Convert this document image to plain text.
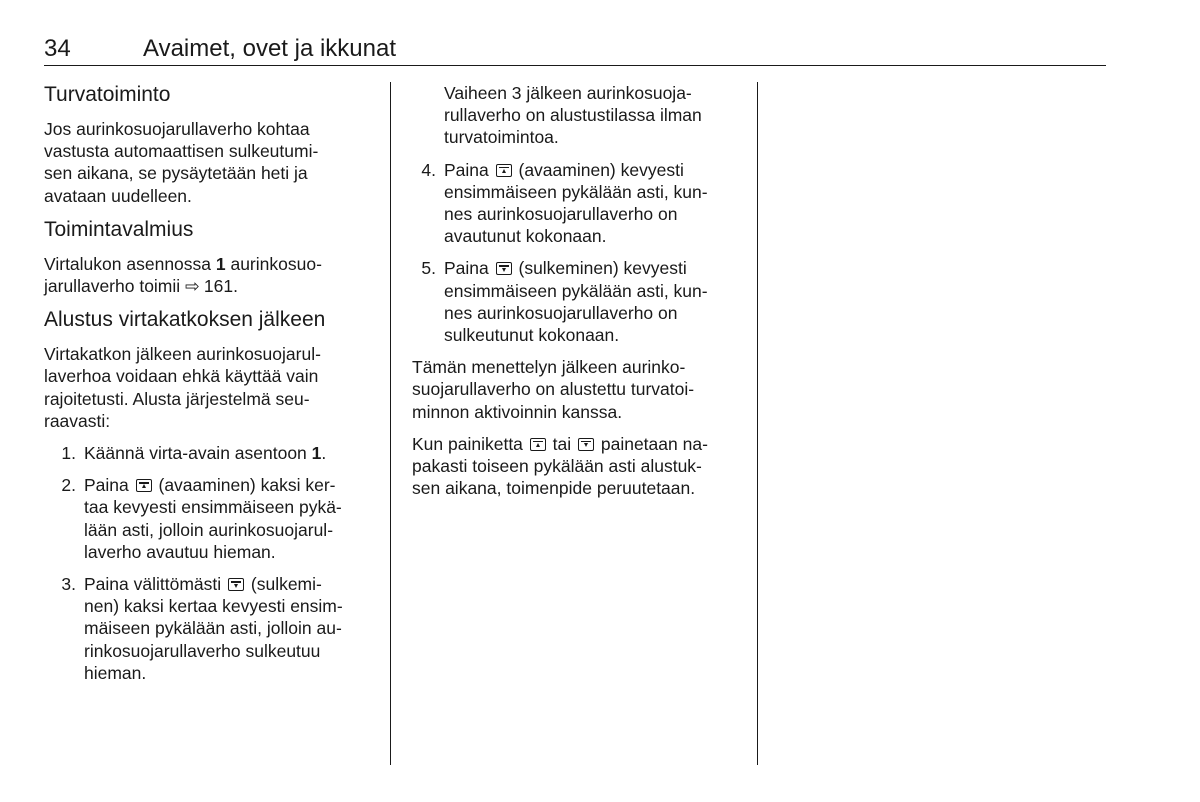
34	Avaimet, ovet ja ikkunat
Turvatoiminto

Jos aurinkosuojarullaverho kohtaa
vastusta automaattisen sulkeutumi-
sen aikana, se pysäytetään heti ja
avataan uudelleen.

Toimintavalmius

Virtalukon asennossa 1 aurinkosuo-
jarullaverho toimii ⇨ 161.

Alustus virtakatkoksen jälkeen

Virtakatkon jälkeen aurinkosuojarul-
laverhoa voidaan ehkä käyttää vain
rajoitetusti. Alusta järjestelmä seu-
raavasti:

1. Käännä virta-avain asentoon 1.
2. Paina  (avaaminen) kaksi ker-
taa kevyesti ensimmäiseen pykä-
lään asti, jolloin aurinkosuojarul-
laverho avautuu hieman.
3. Paina välittömästi  (sulkemi-
nen) kaksi kertaa kevyesti ensim-
mäiseen pykälään asti, jolloin au-
rinkosuojarullaverho sulkeutuu
hieman.
Vaiheen 3 jälkeen aurinkosuoja-
rullaverho on alustustilassa ilman
turvatoimintoa.
4. Paina  (avaaminen) kevyesti
ensimmäiseen pykälään asti, kun-
nes aurinkosuojarullaverho on
avautunut kokonaan.
5. Paina  (sulkeminen) kevyesti
ensimmäiseen pykälään asti, kun-
nes aurinkosuojarullaverho on
sulkeutunut kokonaan.

Tämän menettelyn jälkeen aurinko-
suojarullaverho on alustettu turvatoi-
minnon aktivoinnin kanssa.

Kun painiketta  tai  painetaan na-
pakasti toiseen pykälään asti alustuk-
sen aikana, toimenpide peruutetaan.
